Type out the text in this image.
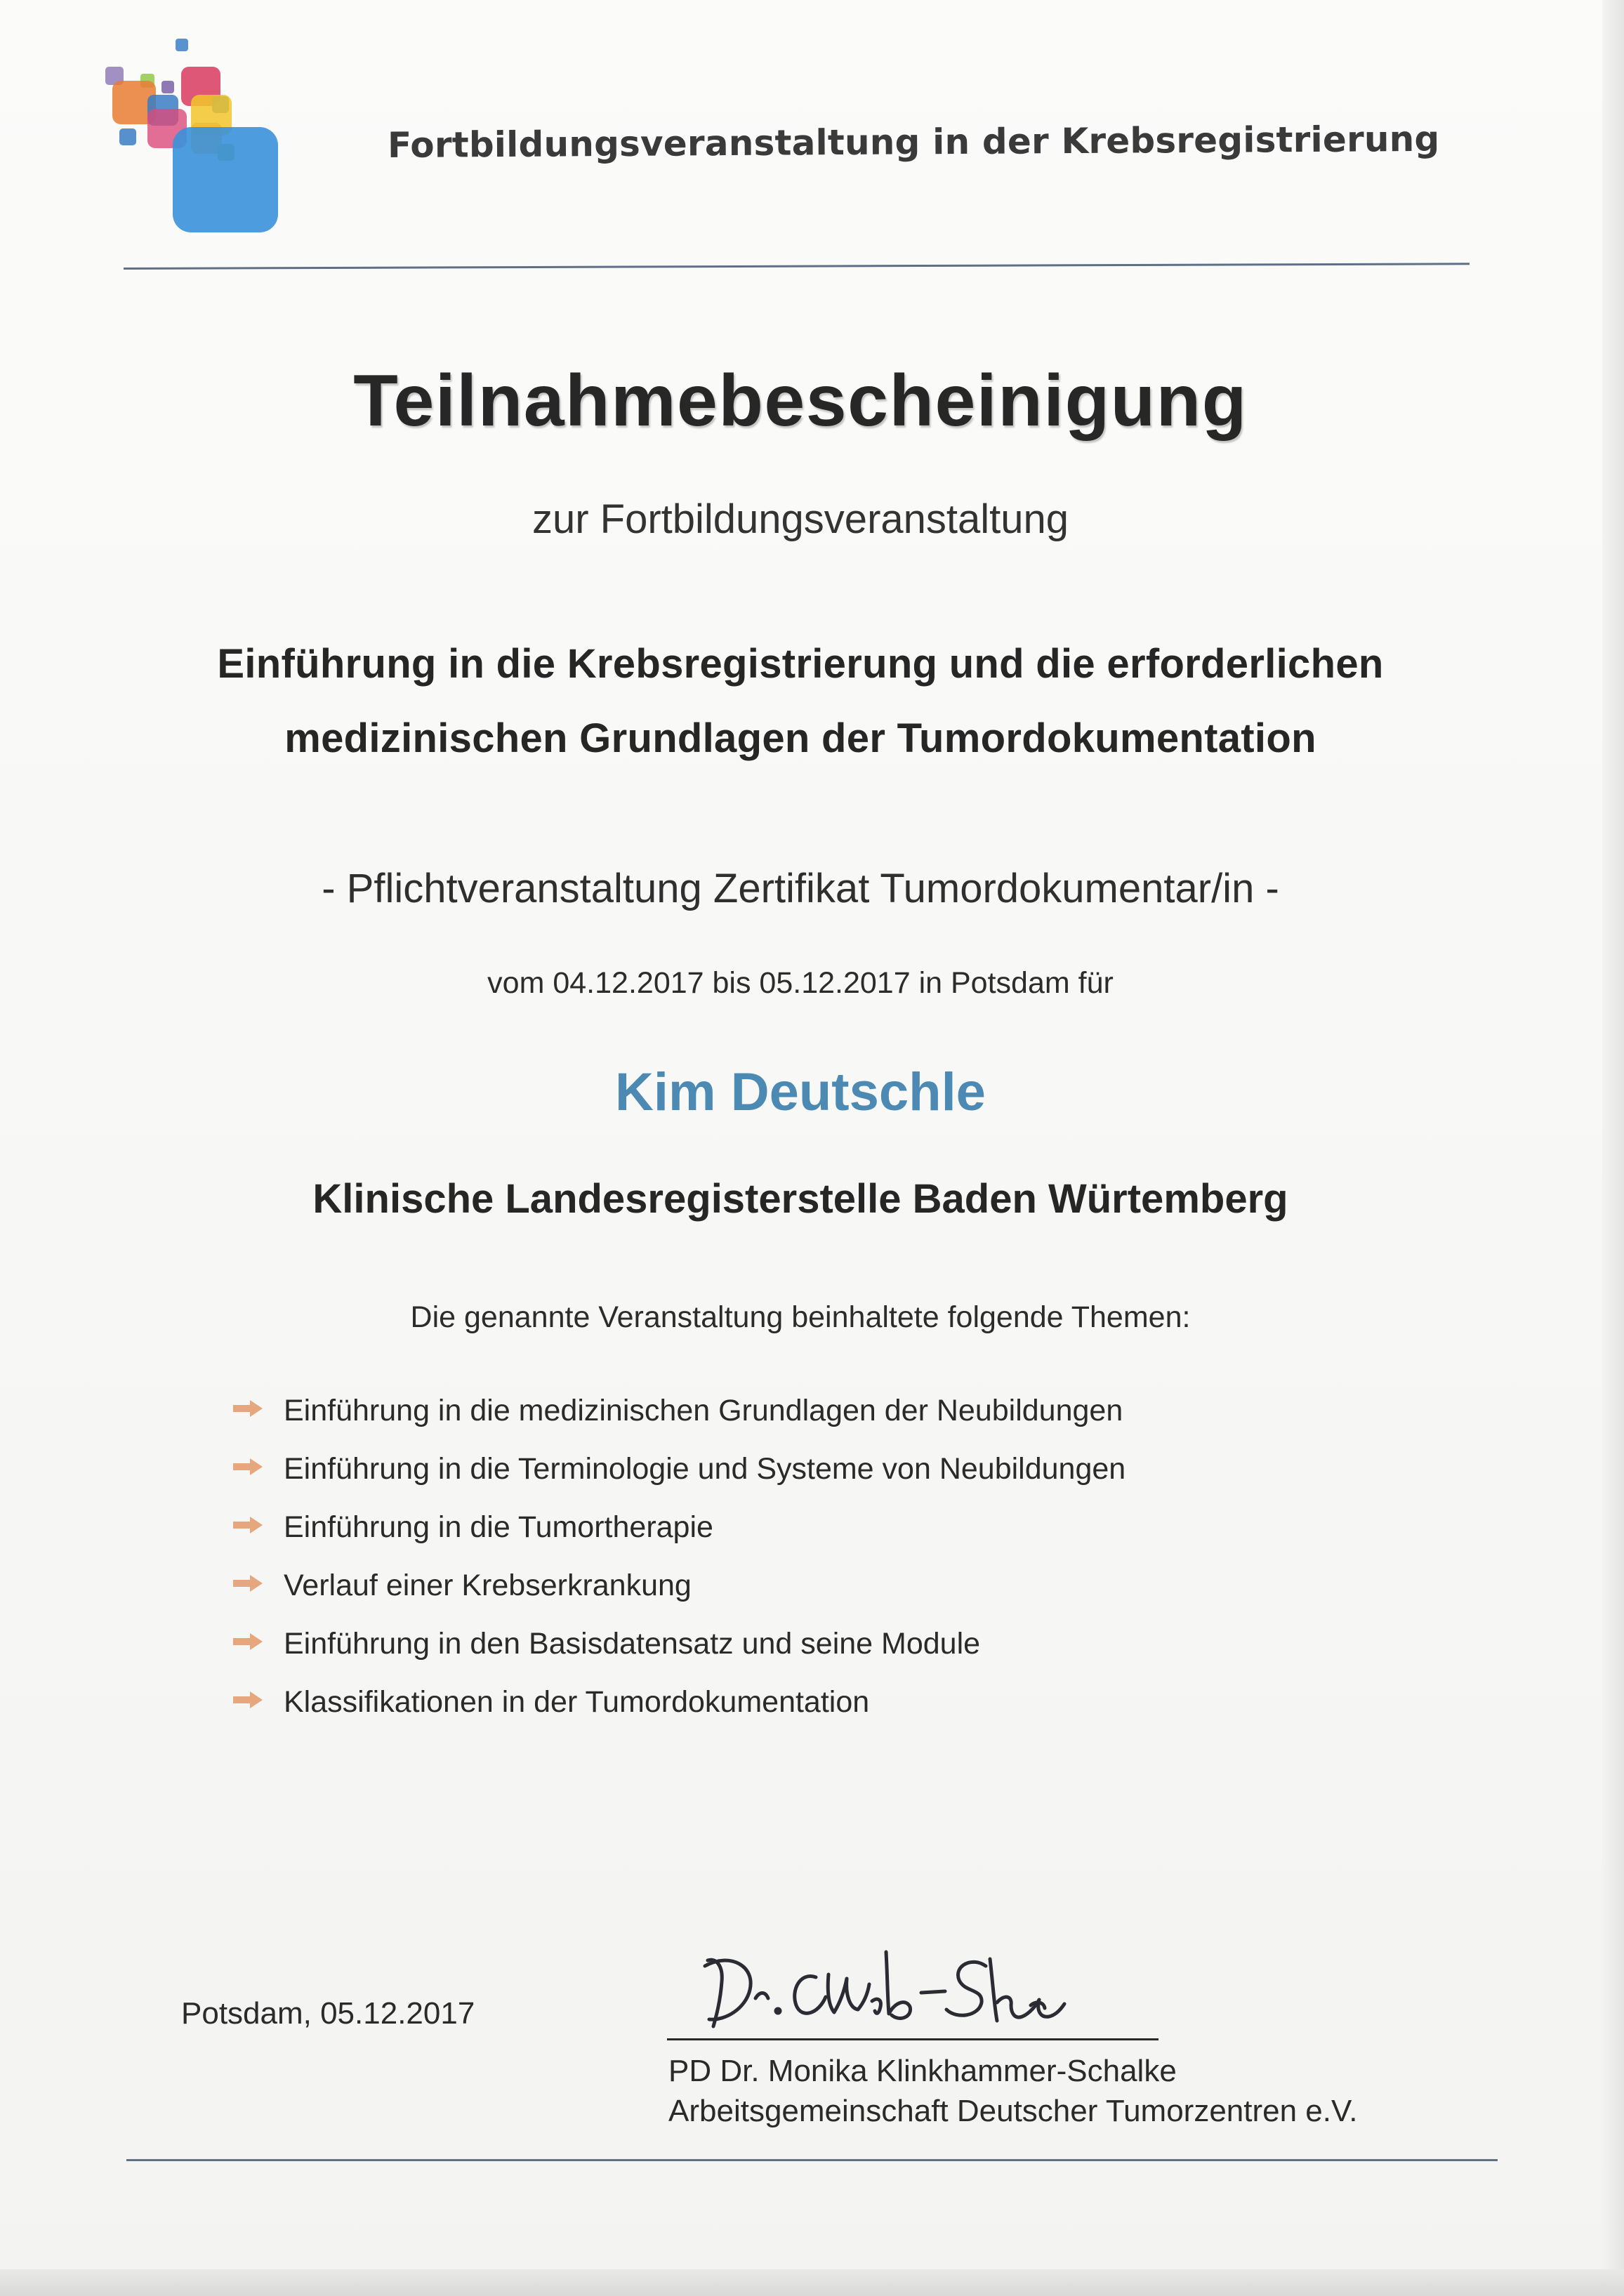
Fortbildungsveranstaltung in der Krebsregistrierung
Teilnahmebescheinigung
zur Fortbildungsveranstaltung
Einführung in die Krebsregistrierung und die erforderlichen
medizinischen Grundlagen der Tumordokumentation
- Pflichtveranstaltung Zertifikat Tumordokumentar/in -
vom 04.12.2017 bis 05.12.2017 in Potsdam für
Kim Deutschle
Klinische Landesregisterstelle Baden Würtemberg
Die genannte Veranstaltung beinhaltete folgende Themen:
Einführung in die medizinischen Grundlagen der Neubildungen
Einführung in die Terminologie und Systeme von Neubildungen
Einführung in die Tumortherapie
Verlauf einer Krebserkrankung
Einführung in den Basisdatensatz und seine Module
Klassifikationen in der Tumordokumentation
Potsdam, 05.12.2017
PD Dr. Monika Klinkhammer-Schalke
Arbeitsgemeinschaft Deutscher Tumorzentren e.V.
